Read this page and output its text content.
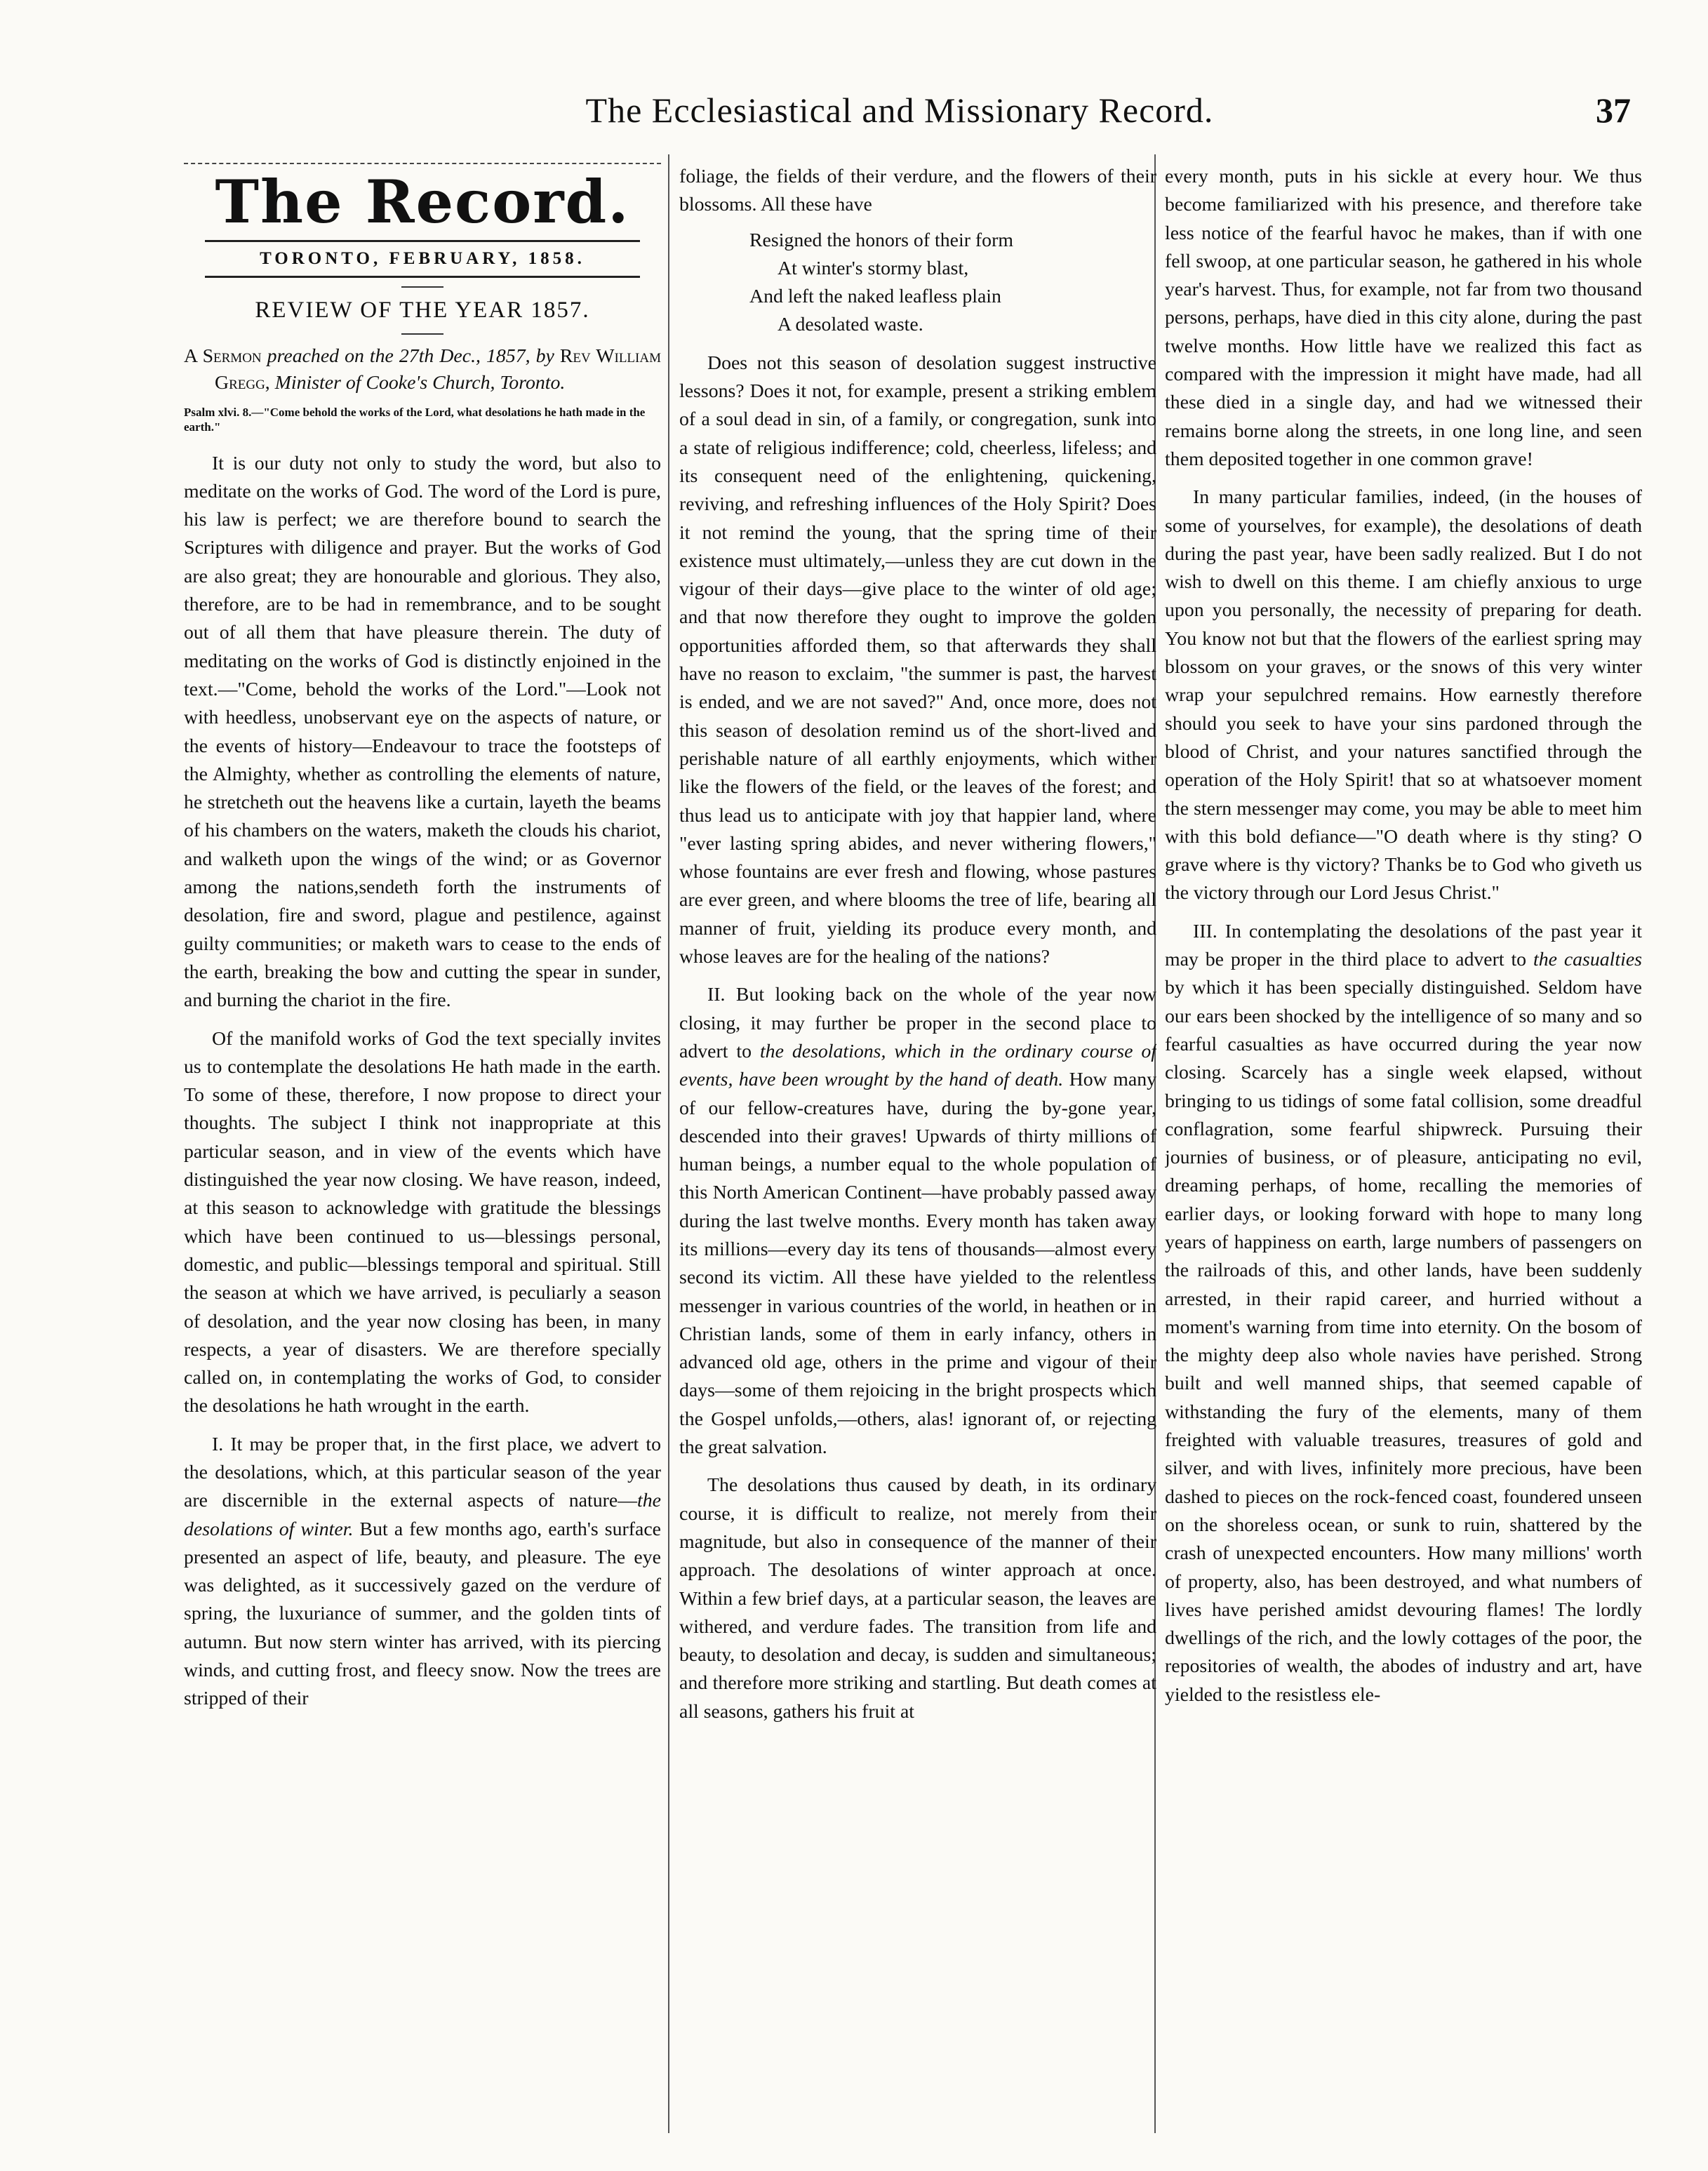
The Ecclesiastical and Missionary Record.	37
The Record.
TORONTO, FEBRUARY, 1858.
REVIEW OF THE YEAR 1857.
A Sermon preached on the 27th Dec., 1857, by Rev William Gregg, Minister of Cooke's Church, Toronto.
Psalm xlvi. 8.—"Come behold the works of the Lord, what desolations he hath made in the earth."

It is our duty not only to study the word, but also to meditate on the works of God. The word of the Lord is pure, his law is perfect; we are therefore bound to search the Scriptures with diligence and prayer. But the works of God are also great; they are honourable and glorious. They also, therefore, are to be had in remembrance, and to be sought out of all them that have pleasure therein. The duty of meditating on the works of God is distinctly enjoined in the text.—"Come, behold the works of the Lord."—Look not with heedless, unobservant eye on the aspects of nature, or the events of history—Endeavour to trace the footsteps of the Almighty, whether as controlling the elements of nature, he stretcheth out the heavens like a curtain, layeth the beams of his chambers on the waters, maketh the clouds his chariot, and walketh upon the wings of the wind; or as Governor among the nations,sendeth forth the instruments of desolation, fire and sword, plague and pestilence, against guilty communities; or maketh wars to cease to the ends of the earth, breaking the bow and cutting the spear in sunder, and burning the chariot in the fire.

Of the manifold works of God the text specially invites us to contemplate the desolations He hath made in the earth. To some of these, therefore, I now propose to direct your thoughts. The subject I think not inappropriate at this particular season, and in view of the events which have distinguished the year now closing. We have reason, indeed, at this season to acknowledge with gratitude the blessings which have been continued to us—blessings personal, domestic, and public—blessings temporal and spiritual. Still the season at which we have arrived, is peculiarly a season of desolation, and the year now closing has been, in many respects, a year of disasters. We are therefore specially called on, in contemplating the works of God, to consider the desolations he hath wrought in the earth.

I. It may be proper that, in the first place, we advert to the desolations, which, at this particular season of the year are discernible in the external aspects of nature—the desolations of winter. But a few months ago, earth's surface presented an aspect of life, beauty, and pleasure. The eye was delighted, as it successively gazed on the verdure of spring, the luxuriance of summer, and the golden tints of autumn. But now stern winter has arrived, with its piercing winds, and cutting frost, and fleecy snow. Now the trees are stripped of their

foliage, the fields of their verdure, and the flowers of their blossoms. All these have

Resigned the honors of their form
At winter's stormy blast,
And left the naked leafless plain
A desolated waste.

Does not this season of desolation suggest instructive lessons? Does it not, for example, present a striking emblem of a soul dead in sin, of a family, or congregation, sunk into a state of religious indifference; cold, cheerless, lifeless; and its consequent need of the enlightening, quickening, reviving, and refreshing influences of the Holy Spirit? Does it not remind the young, that the spring time of their existence must ultimately,—unless they are cut down in the vigour of their days—give place to the winter of old age; and that now therefore they ought to improve the golden opportunities afforded them, so that afterwards they shall have no reason to exclaim, "the summer is past, the harvest is ended, and we are not saved?" And, once more, does not this season of desolation remind us of the short-lived and perishable nature of all earthly enjoyments, which wither like the flowers of the field, or the leaves of the forest; and thus lead us to anticipate with joy that happier land, where "ever lasting spring abides, and never withering flowers," whose fountains are ever fresh and flowing, whose pastures are ever green, and where blooms the tree of life, bearing all manner of fruit, yielding its produce every month, and whose leaves are for the healing of the nations?

II. But looking back on the whole of the year now closing, it may further be proper in the second place to advert to the desolations, which in the ordinary course of events, have been wrought by the hand of death. How many of our fellow-creatures have, during the by-gone year, descended into their graves! Upwards of thirty millions of human beings, a number equal to the whole population of this North American Continent—have probably passed away during the last twelve months. Every month has taken away its millions—every day its tens of thousands—almost every second its victim. All these have yielded to the relentless messenger in various countries of the world, in heathen or in Christian lands, some of them in early infancy, others in advanced old age, others in the prime and vigour of their days—some of them rejoicing in the bright prospects which the Gospel unfolds,—others, alas! ignorant of, or rejecting the great salvation.

The desolations thus caused by death, in its ordinary course, it is difficult to realize, not merely from their magnitude, but also in consequence of the manner of their approach. The desolations of winter approach at once. Within a few brief days, at a particular season, the leaves are withered, and verdure fades. The transition from life and beauty, to desolation and decay, is sudden and simultaneous; and therefore more striking and startling. But death comes at all seasons, gathers his fruit at

every month, puts in his sickle at every hour. We thus become familiarized with his presence, and therefore take less notice of the fearful havoc he makes, than if with one fell swoop, at one particular season, he gathered in his whole year's harvest. Thus, for example, not far from two thousand persons, perhaps, have died in this city alone, during the past twelve months. How little have we realized this fact as compared with the impression it might have made, had all these died in a single day, and had we witnessed their remains borne along the streets, in one long line, and seen them deposited together in one common grave!

In many particular families, indeed, (in the houses of some of yourselves, for example), the desolations of death during the past year, have been sadly realized. But I do not wish to dwell on this theme. I am chiefly anxious to urge upon you personally, the necessity of preparing for death. You know not but that the flowers of the earliest spring may blossom on your graves, or the snows of this very winter wrap your sepulchred remains. How earnestly therefore should you seek to have your sins pardoned through the blood of Christ, and your natures sanctified through the operation of the Holy Spirit! that so at whatsoever moment the stern messenger may come, you may be able to meet him with this bold defiance—"O death where is thy sting? O grave where is thy victory? Thanks be to God who giveth us the victory through our Lord Jesus Christ."

III. In contemplating the desolations of the past year it may be proper in the third place to advert to the casualties by which it has been specially distinguished. Seldom have our ears been shocked by the intelligence of so many and so fearful casualties as have occurred during the year now closing. Scarcely has a single week elapsed, without bringing to us tidings of some fatal collision, some dreadful conflagration, some fearful shipwreck. Pursuing their journies of business, or of pleasure, anticipating no evil, dreaming perhaps, of home, recalling the memories of earlier days, or looking forward with hope to many long years of happiness on earth, large numbers of passengers on the railroads of this, and other lands, have been suddenly arrested, in their rapid career, and hurried without a moment's warning from time into eternity. On the bosom of the mighty deep also whole navies have perished. Strong built and well manned ships, that seemed capable of withstanding the fury of the elements, many of them freighted with valuable treasures, treasures of gold and silver, and with lives, infinitely more precious, have been dashed to pieces on the rock-fenced coast, foundered unseen on the shoreless ocean, or sunk to ruin, shattered by the crash of unexpected encounters. How many millions' worth of property, also, has been destroyed, and what numbers of lives have perished amidst devouring flames! The lordly dwellings of the rich, and the lowly cottages of the poor, the repositories of wealth, the abodes of industry and art, have yielded to the resistless ele-
